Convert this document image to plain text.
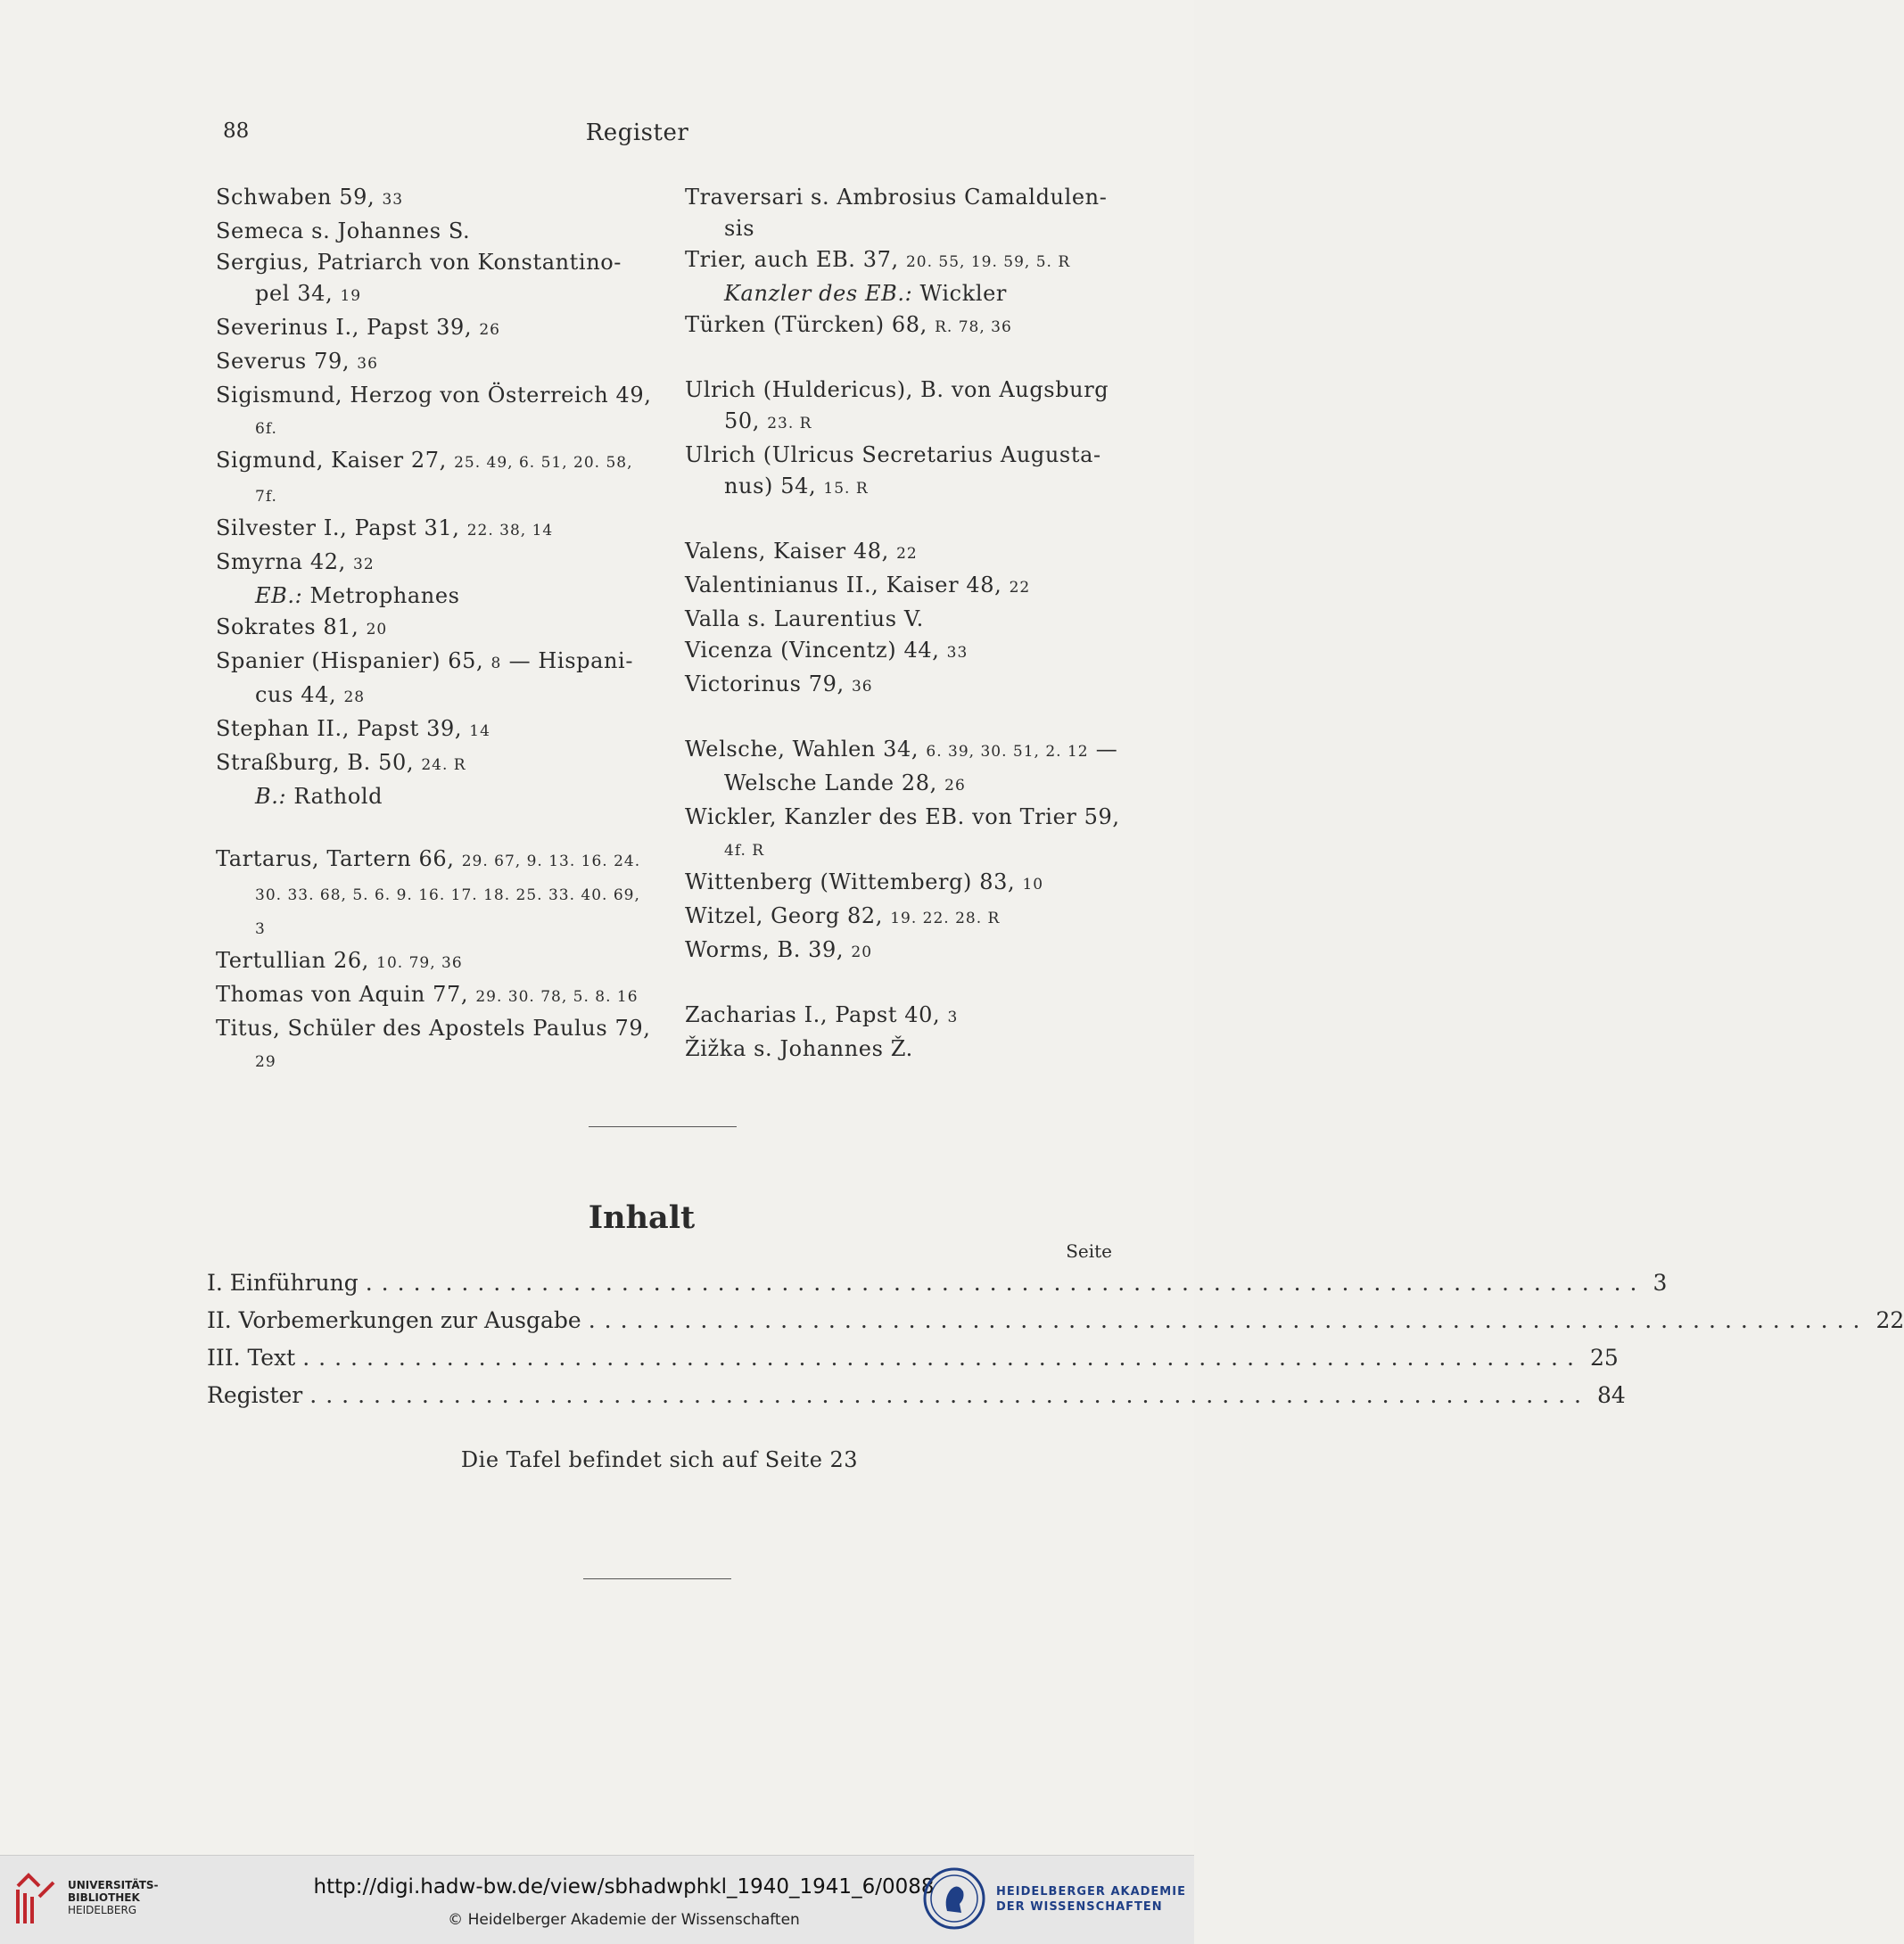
88	Register

Schwaben 59, 33

Semeca s. Johannes S.

Sergius, Patriarch von Konstantino-pel 34, 19

Severinus I., Papst 39, 26

Severus 79, 36

Sigismund, Herzog von Österreich 49, 6f.

Sigmund, Kaiser 27, 25. 49, 6. 51, 20. 58, 7f.

Silvester I., Papst 31, 22. 38, 14

Smyrna 42, 32

EB.: Metrophanes

Sokrates 81, 20

Spanier (Hispanier) 65, 8 — Hispani-cus 44, 28

Stephan II., Papst 39, 14

Straßburg, B. 50, 24. R

B.: Rathold

Tartarus, Tartern 66, 29. 67, 9. 13. 16. 24. 30. 33. 68, 5. 6. 9. 16. 17. 18. 25. 33. 40. 69, 3

Tertullian 26, 10. 79, 36

Thomas von Aquin 77, 29. 30. 78, 5. 8. 16

Titus, Schüler des Apostels Paulus 79, 29

Traversari s. Ambrosius Camaldulen-sis

Trier, auch EB. 37, 20. 55, 19. 59, 5. R

Kanzler des EB.: Wickler

Türken (Türcken) 68, R. 78, 36

Ulrich (Huldericus), B. von Augsburg 50, 23. R

Ulrich (Ulricus Secretarius Augusta-nus) 54, 15. R

Valens, Kaiser 48, 22

Valentinianus II., Kaiser 48, 22

Valla s. Laurentius V.

Vicenza (Vincentz) 44, 33

Victorinus 79, 36

Welsche, Wahlen 34, 6. 39, 30. 51, 2. 12 — Welsche Lande 28, 26

Wickler, Kanzler des EB. von Trier 59, 4f. R

Wittenberg (Wittemberg) 83, 10

Witzel, Georg 82, 19. 22. 28. R

Worms, B. 39, 20

Zacharias I., Papst 40, 3

Žižka s. Johannes Ž.

Inhalt
Seite
I. Einführung ................................................................................ 3
II. Vorbemerkungen zur Ausgabe ................................................................................ 22
III. Text ................................................................................ 25
Register ................................................................................ 84
Die Tafel befindet sich auf Seite 23
UNIVERSITÄTS-
BIBLIOTHEK
HEIDELBERG
http://digi.hadw-bw.de/view/sbhadwphkl_1940_1941_6/0088
© Heidelberger Akademie der Wissenschaften
HEIDELBERGER AKADEMIE
DER WISSENSCHAFTEN
